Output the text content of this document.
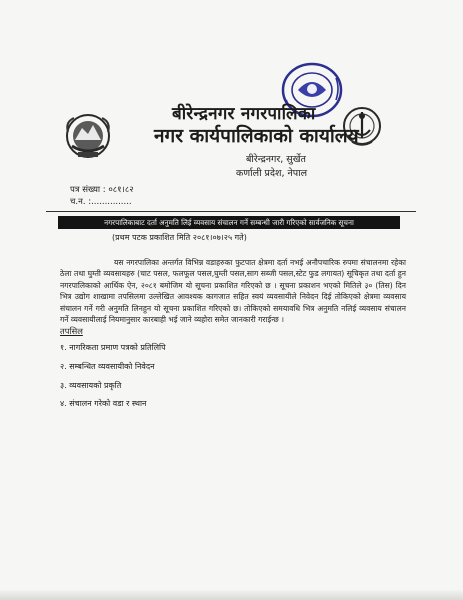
बीरेन्द्रनगर नगरपालिका
नगर कार्यपालिकाको कार्यालय
बीरेन्द्रनगर, सुर्खेत
कर्णाली प्रदेश, नेपाल
पत्र संख्या : ०८१।८२
च.न. :...............
नगरपालिकाबाट दर्ता अनुमति लिई व्यवसाय संचालन गर्ने सम्बन्धी जारी गरिएको सार्वजनिक सूचना
(प्रथम पटक प्रकाशित मिति २०८१।०७।२५ गते)
यस नगरपालिका अन्तर्गत विभिन्न वडाहरुका फुटपात क्षेत्रमा दर्ता नभई अनौपचारिक रुपमा संचालनमा रहेका ठेला तथा घुम्ती व्यवसायहरु (चाट पसल, फलफूल पसल,घुम्ती पसल,साग सब्जी पसल,स्टेट फुड लगायत) सूचिकृत तथा दर्ता हुन नगरपालिकाको आर्थिक ऐन, २०८१ बमोजिम यो सूचना प्रकाशित गरिएको छ । सूचना प्रकाशन भएको मितिले ३० (तिस) दिन भित्र उद्योग शाखामा तपसिलमा उल्लेखित आवश्यक कागजात सहित स्वयं व्यवसायीले निवेदन दिई तोकिएको क्षेत्रमा व्यवसाय संचालन गर्ने गरी अनुमति लिनहुन यो सूचना प्रकाशित गरिएको छ। तोकिएको समयावधि भित्र अनुमति नलिई व्यवसाय संचालन गर्ने व्यवसायीलाई नियमानुसार कारबाही भई जाने व्यहोरा समेत जानकारी गराईन्छ ।
तपसिल
१. नागरिकता प्रमाण पत्रको प्रतिलिपि
२. सम्बन्धित व्यवसायीको निवेदन
३. व्यवसायको प्रकृति
४. संचालन गरेको वडा र स्थान
